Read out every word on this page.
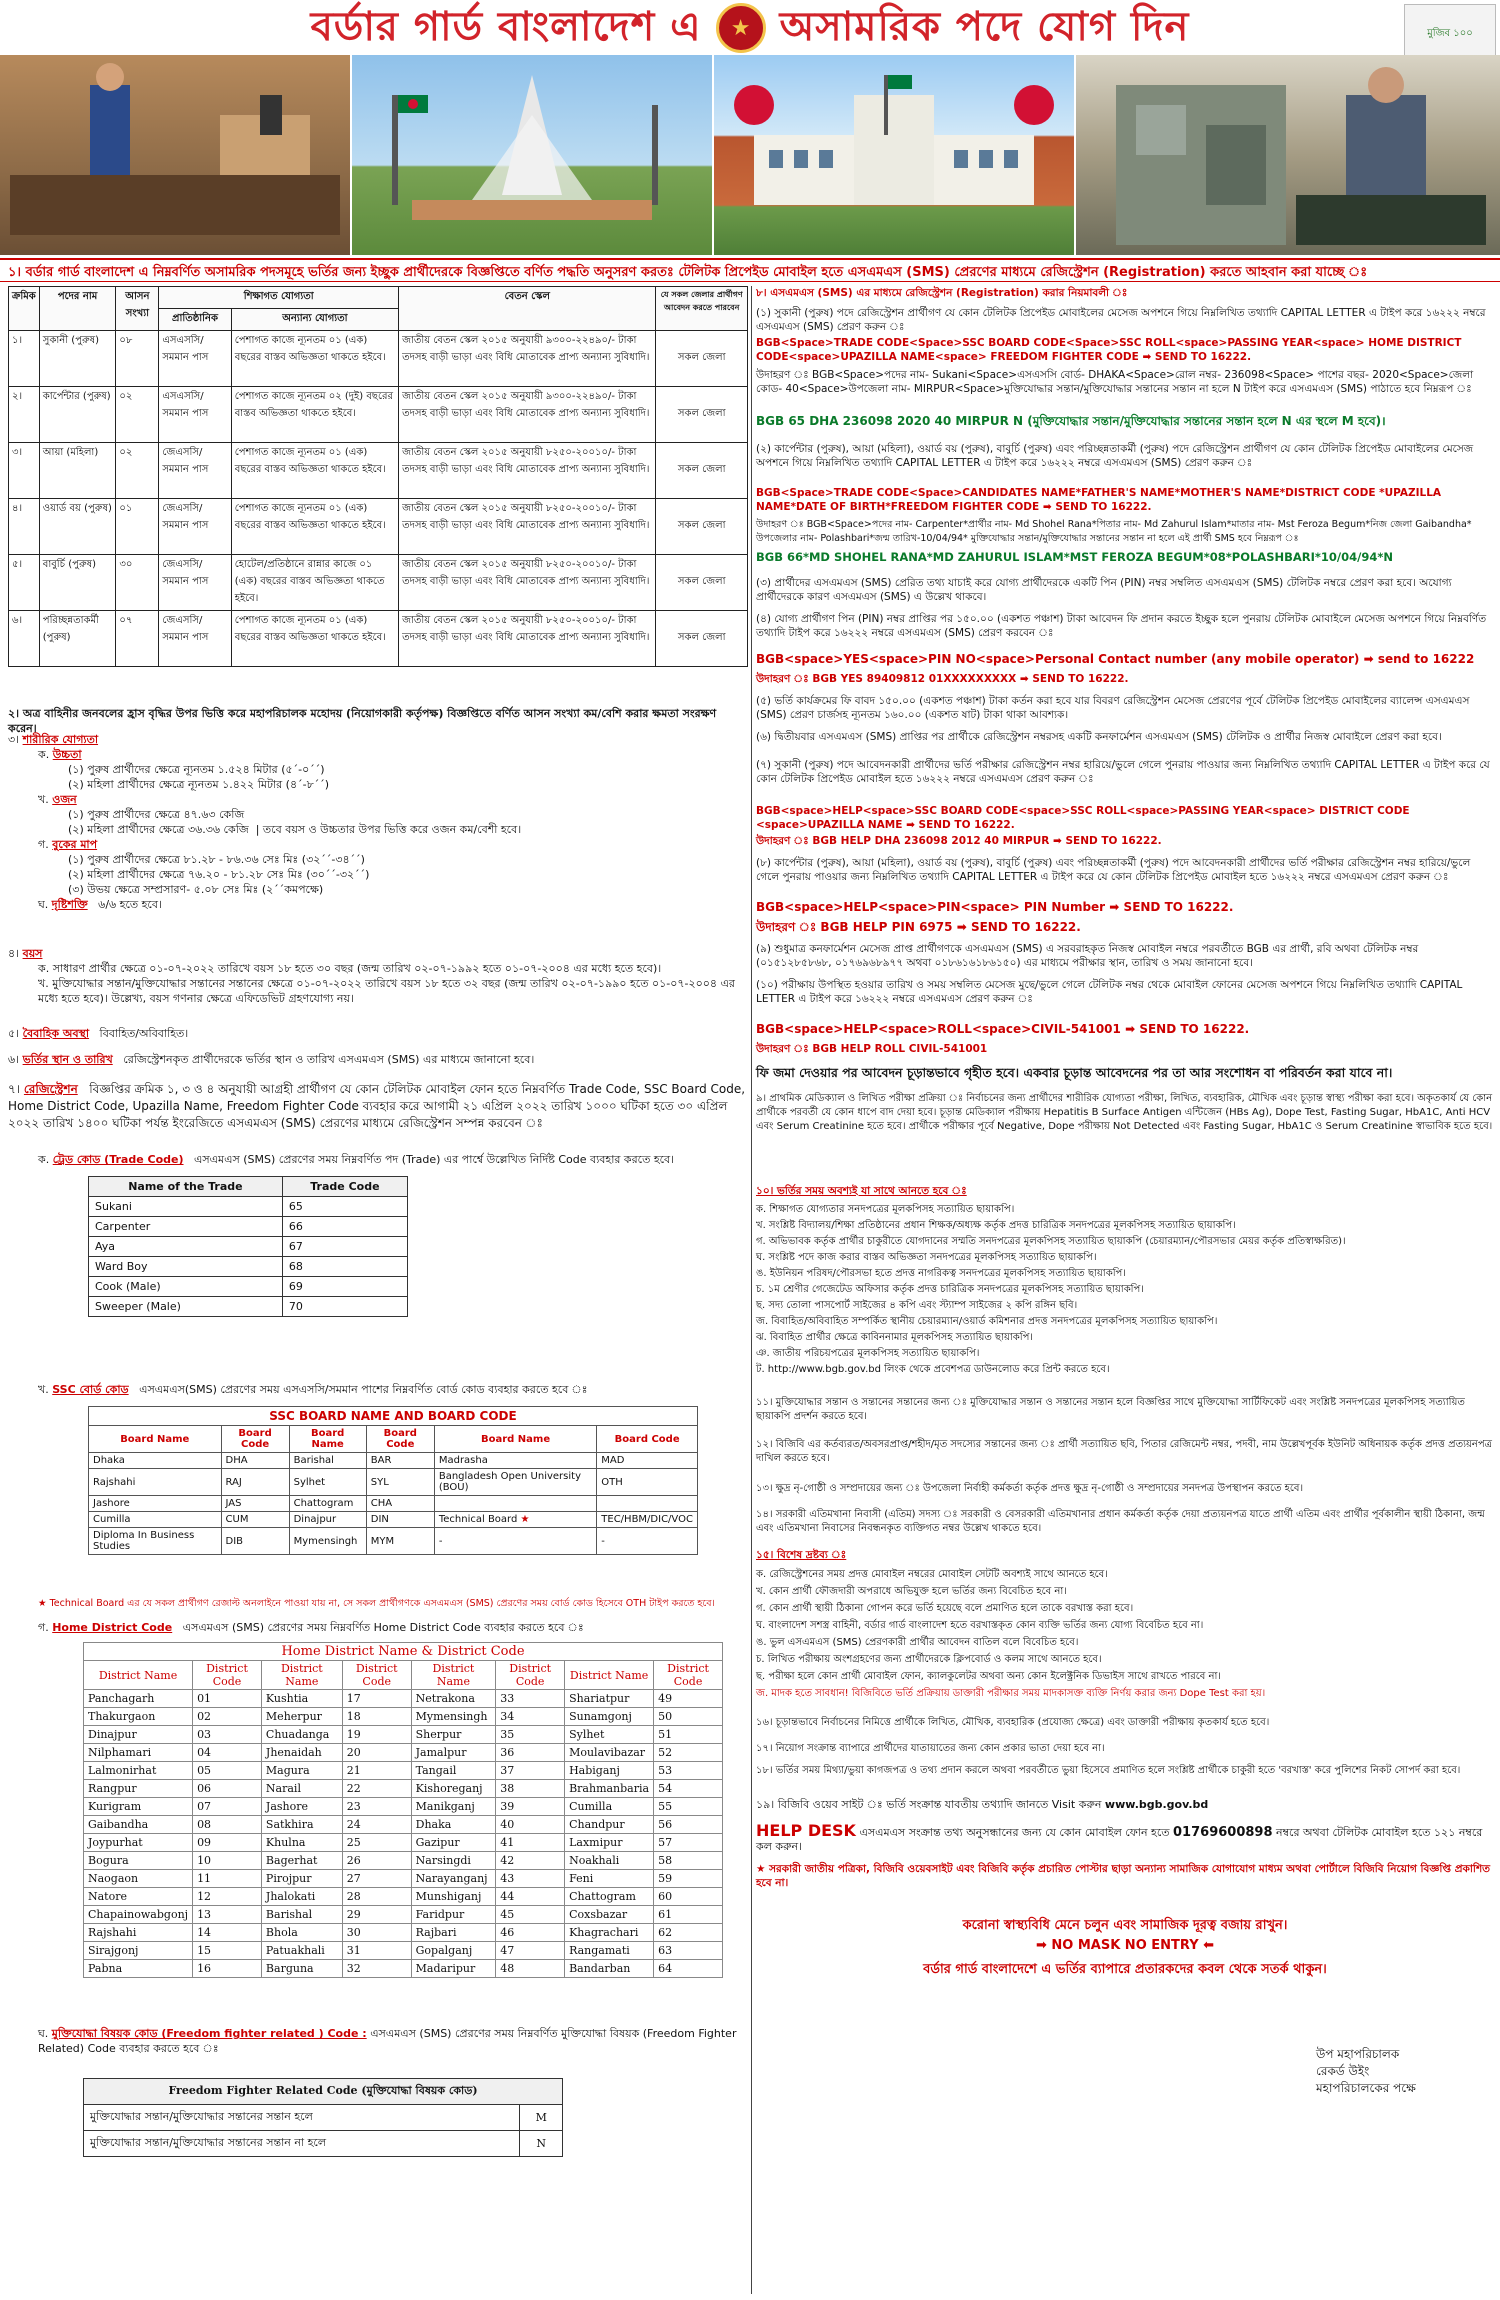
বর্ডার গার্ড বাংলাদেশ এ	★ অসামরিক পদে যোগ দিন	মুজিব ১০০
১। বর্ডার গার্ড বাংলাদেশ এ নিম্নবর্ণিত অসামরিক পদসমূহে ভর্তির জন্য ইচ্ছুক প্রার্থীদেরকে বিজ্ঞপ্তিতে বর্ণিত পদ্ধতি অনুসরণ করতঃ টেলিটক প্রিপেইড মোবাইল হতে এসএমএস (SMS) প্রেরণের মাধ্যমে রেজিস্ট্রেশন (Registration) করতে আহবান করা যাচ্ছে ঃ
ক্রমিক	পদের নাম	আসন সংখ্যা	শিক্ষাগত যোগ্যতা		বেতন স্কেল	যে সকল জেলার প্রার্থীগণ আবেদন করতে পারবেন
			প্রাতিষ্ঠানিক	অন্যান্য যোগ্যতা		
১।	সুকানী (পুরুষ)	০৮	এসএসসি/ সমমান পাস	পেশাগত কাজে ন্যূনতম ০১ (এক) বছরের বাস্তব অভিজ্ঞতা থাকতে হইবে।	জাতীয় বেতন স্কেল ২০১৫ অনুযায়ী ৯৩০০-২২৪৯০/- টাকা তদসহ বাড়ী ভাড়া এবং বিধি মোতাবেক প্রাপ্য অন্যান্য সুবিধাদি।	সকল জেলা
২।	কার্পেন্টার (পুরুষ)	০২	এসএসসি/ সমমান পাস	পেশাগত কাজে ন্যূনতম ০২ (দুই) বছরের বাস্তব অভিজ্ঞতা থাকতে হইবে।	জাতীয় বেতন স্কেল ২০১৫ অনুযায়ী ৯৩০০-২২৪৯০/- টাকা তদসহ বাড়ী ভাড়া এবং বিধি মোতাবেক প্রাপ্য অন্যান্য সুবিধাদি।	সকল জেলা
৩।	আয়া (মহিলা)	০২	জেএসসি/ সমমান পাস	পেশাগত কাজে ন্যূনতম ০১ (এক) বছরের বাস্তব অভিজ্ঞতা থাকতে হইবে।	জাতীয় বেতন স্কেল ২০১৫ অনুযায়ী ৮২৫০-২০০১০/- টাকা তদসহ বাড়ী ভাড়া এবং বিধি মোতাবেক প্রাপ্য অন্যান্য সুবিধাদি।	সকল জেলা
৪।	ওয়ার্ড বয় (পুরুষ)	০১	জেএসসি/ সমমান পাস	পেশাগত কাজে ন্যূনতম ০১ (এক) বছরের বাস্তব অভিজ্ঞতা থাকতে হইবে।	জাতীয় বেতন স্কেল ২০১৫ অনুযায়ী ৮২৫০-২০০১০/- টাকা তদসহ বাড়ী ভাড়া এবং বিধি মোতাবেক প্রাপ্য অন্যান্য সুবিধাদি।	সকল জেলা
৫।	বাবুর্চি (পুরুষ)	৩০	জেএসসি/ সমমান পাস	হোটেল/প্রতিষ্ঠানে রান্নার কাজে ০১ (এক) বছরের বাস্তব অভিজ্ঞতা থাকতে হইবে।	জাতীয় বেতন স্কেল ২০১৫ অনুযায়ী ৮২৫০-২০০১০/- টাকা তদসহ বাড়ী ভাড়া এবং বিধি মোতাবেক প্রাপ্য অন্যান্য সুবিধাদি।	সকল জেলা
৬।	পরিচ্ছন্নতাকর্মী (পুরুষ)	০৭	জেএসসি/ সমমান পাস	পেশাগত কাজে ন্যূনতম ০১ (এক) বছরের বাস্তব অভিজ্ঞতা থাকতে হইবে।	জাতীয় বেতন স্কেল ২০১৫ অনুযায়ী ৮২৫০-২০০১০/- টাকা তদসহ বাড়ী ভাড়া এবং বিধি মোতাবেক প্রাপ্য অন্যান্য সুবিধাদি।	সকল জেলা
২। অত্র বাহিনীর জনবলের হ্রাস বৃদ্ধির উপর ভিত্তি করে মহাপরিচালক মহোদয় (নিয়োগকারী কর্তৃপক্ষ) বিজ্ঞপ্তিতে বর্ণিত আসন সংখ্যা কম/বেশি করার ক্ষমতা সংরক্ষণ করেন।
৩। শারীরিক যোগ্যতা
ক. উচ্চতা
(১) পুরুষ প্রার্থীদের ক্ষেত্রে ন্যূনতম ১.৫২৪ মিটার (৫´-০´´)
(২) মহিলা প্রার্থীদের ক্ষেত্রে ন্যূনতম ১.৪২২ মিটার (৪´-৮´´)
খ. ওজন
(১) পুরুষ প্রার্থীদের ক্ষেত্রে ৪৭.৬৩ কেজি
(২) মহিলা প্রার্থীদের ক্ষেত্রে ৩৬.৩৬ কেজি  | তবে বয়স ও উচ্চতার উপর ভিত্তি করে ওজন কম/বেশী হবে।
গ. বুকের মাপ
(১) পুরুষ প্রার্থীদের ক্ষেত্রে ৮১.২৮ - ৮৬.৩৬ সেঃ মিঃ (৩২´´-৩৪´´)
(২) মহিলা প্রার্থীদের ক্ষেত্রে ৭৬.২০ - ৮১.২৮ সেঃ মিঃ (৩০´´-৩২´´)
(৩) উভয় ক্ষেত্রে সম্প্রসারণ- ৫.০৮ সেঃ মিঃ (২´´কমপক্ষে)
ঘ. দৃষ্টিশক্তি ৬/৬ হতে হবে।
৪। বয়স
ক. সাধারণ প্রার্থীর ক্ষেত্রে ০১-০৭-২০২২ তারিখে বয়স ১৮ হতে ৩০ বছর (জন্ম তারিখ ০২-০৭-১৯৯২ হতে ০১-০৭-২০০৪ এর মধ্যে হতে হবে)।
খ. মুক্তিযোদ্ধার সন্তান/মুক্তিযোদ্ধার সন্তানের সন্তানের ক্ষেত্রে ০১-০৭-২০২২ তারিখে বয়স ১৮ হতে ৩২ বছর (জন্ম তারিখ ০২-০৭-১৯৯০ হতে ০১-০৭-২০০৪ এর মধ্যে হতে হবে)। উল্লেখ্য, বয়স গণনার ক্ষেত্রে এফিডেভিট গ্রহণযোগ্য নয়।
৫। বৈবাহিক অবস্থা বিবাহিত/অবিবাহিত।
৬। ভর্তির স্থান ও তারিখ রেজিস্ট্রেশনকৃত প্রার্থীদেরকে ভর্তির স্থান ও তারিখ এসএমএস (SMS) এর মাধ্যমে জানানো হবে।
৭। রেজিস্ট্রেশন বিজ্ঞপ্তির ক্রমিক ১, ৩ ও ৪ অনুযায়ী আগ্রহী প্রার্থীগণ যে কোন টেলিটক মোবাইল ফোন হতে নিম্নবর্ণিত Trade Code, SSC Board Code, Home District Code, Upazilla Name, Freedom Fighter Code ব্যবহার করে আগামী ২১ এপ্রিল ২০২২ তারিখ ১০০০ ঘটিকা হতে ৩০ এপ্রিল ২০২২ তারিখ ১৪০০ ঘটিকা পর্যন্ত ইংরেজিতে এসএমএস (SMS) প্রেরণের মাধ্যমে রেজিস্ট্রেশন সম্পন্ন করবেন ঃ
ক. ট্রেড কোড (Trade Code) এসএমএস (SMS) প্রেরণের সময় নিম্নবর্ণিত পদ (Trade) এর পার্শ্বে উল্লেখিত নির্দিষ্ট Code ব্যবহার করতে হবে।
Name of the Trade	Trade Code
Sukani	65
Carpenter	66
Aya	67
Ward Boy	68
Cook (Male)	69
Sweeper (Male)	70
খ. SSC বোর্ড কোড এসএমএস(SMS) প্রেরণের সময় এসএসসি/সমমান পাশের নিম্নবর্ণিত বোর্ড কোড ব্যবহার করতে হবে ঃ
SSC BOARD NAME AND BOARD CODE					
Board Name	Board Code	Board Name	Board Code	Board Name	Board Code
Dhaka	DHA	Barishal	BAR	Madrasha	MAD
Rajshahi	RAJ	Sylhet	SYL	Bangladesh Open University (BOU)	OTH
Jashore	JAS	Chattogram	CHA		
Cumilla	CUM	Dinajpur	DIN	Technical Board ★	TEC/HBM/DIC/VOC
Diploma In Business Studies	DIB	Mymensingh	MYM	-	-
★ Technical Board এর যে সকল প্রার্থীগণ রেজাল্ট অনলাইনে পাওয়া যায় না, সে সকল প্রার্থীগণকে এসএমএস (SMS) প্রেরণের সময় বোর্ড কোড হিসেবে OTH টাইপ করতে হবে।
গ. Home District Code এসএমএস (SMS) প্রেরণের সময় নিম্নবর্ণিত Home District Code ব্যবহার করতে হবে ঃ
Home District Name & District Code							
District Name	District Code	District Name	District Code	District Name	District Code	District Name	District Code
Panchagarh	01	Kushtia	17	Netrakona	33	Shariatpur	49
Thakurgaon	02	Meherpur	18	Mymensingh	34	Sunamgonj	50
Dinajpur	03	Chuadanga	19	Sherpur	35	Sylhet	51
Nilphamari	04	Jhenaidah	20	Jamalpur	36	Moulavibazar	52
Lalmonirhat	05	Magura	21	Tangail	37	Habiganj	53
Rangpur	06	Narail	22	Kishoreganj	38	Brahmanbaria	54
Kurigram	07	Jashore	23	Manikganj	39	Cumilla	55
Gaibandha	08	Satkhira	24	Dhaka	40	Chandpur	56
Joypurhat	09	Khulna	25	Gazipur	41	Laxmipur	57
Bogura	10	Bagerhat	26	Narsingdi	42	Noakhali	58
Naogaon	11	Pirojpur	27	Narayanganj	43	Feni	59
Natore	12	Jhalokati	28	Munshiganj	44	Chattogram	60
Chapainowabgonj	13	Barishal	29	Faridpur	45	Coxsbazar	61
Rajshahi	14	Bhola	30	Rajbari	46	Khagrachari	62
Sirajgonj	15	Patuakhali	31	Gopalganj	47	Rangamati	63
Pabna	16	Barguna	32	Madaripur	48	Bandarban	64
ঘ. মুক্তিযোদ্ধা বিষয়ক কোড (Freedom fighter related ) Code : এসএমএস (SMS) প্রেরণের সময় নিম্নবর্ণিত মুক্তিযোদ্ধা বিষয়ক (Freedom Fighter Related) Code ব্যবহার করতে হবে ঃ
Freedom Fighter Related Code (মুক্তিযোদ্ধা বিষয়ক কোড)	
মুক্তিযোদ্ধার সন্তান/মুক্তিযোদ্ধার সন্তানের সন্তান হলে	M
মুক্তিযোদ্ধার সন্তান/মুক্তিযোদ্ধার সন্তানের সন্তান না হলে	N
৮। এসএমএস (SMS) এর মাধ্যমে রেজিস্ট্রেশন (Registration) করার নিয়মাবলী ঃ
(১) সুকানী (পুরুষ) পদে রেজিস্ট্রেশন প্রার্থীগণ যে কোন টেলিটক প্রিপেইড মোবাইলের মেসেজ অপশনে গিয়ে নিম্নলিখিত তথ্যাদি CAPITAL LETTER এ টাইপ করে ১৬২২২ নম্বরে এসএমএস (SMS) প্রেরণ করুন ঃ
BGB<Space>TRADE CODE<Space>SSC BOARD CODE<Space>SSC ROLL<space>PASSING YEAR<space> HOME DISTRICT CODE<space>UPAZILLA NAME<space> FREEDOM FIGHTER CODE ➡ SEND TO 16222.
উদাহরণ ঃ BGB<Space>পদের নাম- Sukani<Space>এসএসসি বোর্ড- DHAKA<Space>রোল নম্বর- 236098<Space> পাশের বছর- 2020<Space>জেলা কোড- 40<Space>উপজেলা নাম- MIRPUR<Space>মুক্তিযোদ্ধার সন্তান/মুক্তিযোদ্ধার সন্তানের সন্তান না হলে N টাইপ করে এসএমএস (SMS) পাঠাতে হবে নিম্নরূপ ঃ
BGB 65 DHA 236098 2020 40 MIRPUR N (মুক্তিযোদ্ধার সন্তান/মুক্তিযোদ্ধার সন্তানের সন্তান হলে N এর স্থলে M হবে)।
(২) কার্পেন্টার (পুরুষ), আয়া (মহিলা), ওয়ার্ড বয় (পুরুষ), বাবুর্চি (পুরুষ) এবং পরিচ্ছন্নতাকর্মী (পুরুষ) পদে রেজিস্ট্রেশন প্রার্থীগণ যে কোন টেলিটক প্রিপেইড মোবাইলের মেসেজ অপশনে গিয়ে নিম্নলিখিত তথ্যাদি CAPITAL LETTER এ টাইপ করে ১৬২২২ নম্বরে এসএমএস (SMS) প্রেরণ করুন ঃ
BGB<Space>TRADE CODE<Space>CANDIDATES NAME*FATHER'S NAME*MOTHER'S NAME*DISTRICT CODE *UPAZILLA NAME*DATE OF BIRTH*FREEDOM FIGHTER CODE ➡ SEND TO 16222.
উদাহরণ ঃ BGB<Space>পদের নাম- Carpenter*প্রার্থীর নাম- Md Shohel Rana*পিতার নাম- Md Zahurul Islam*মাতার নাম- Mst Feroza Begum*নিজ জেলা Gaibandha* উপজেলার নাম- Polashbari*জন্ম তারিখ-10/04/94* মুক্তিযোদ্ধার সন্তান/মুক্তিযোদ্ধার সন্তানের সন্তান না হলে এই প্রার্থী SMS হবে নিম্নরূপ ঃ
BGB 66*MD SHOHEL RANA*MD ZAHURUL ISLAM*MST FEROZA BEGUM*08*POLASHBARI*10/04/94*N
(৩) প্রার্থীদের এসএমএস (SMS) প্রেরিত তথ্য যাচাই করে যোগ্য প্রার্থীদেরকে একটি পিন (PIN) নম্বর সম্বলিত এসএমএস (SMS) টেলিটক নম্বরে প্রেরণ করা হবে। অযোগ্য প্রার্থীদেরকে কারণ এসএমএস (SMS) এ উল্লেখ থাকবে।
(৪) যোগ্য প্রার্থীগণ পিন (PIN) নম্বর প্রাপ্তির পর ১৫০.০০ (একশত পঞ্চাশ) টাকা আবেদন ফি প্রদান করতে ইচ্ছুক হলে পুনরায় টেলিটক মোবাইলে মেসেজ অপশনে গিয়ে নিম্নবর্ণিত তথ্যাদি টাইপ করে ১৬২২২ নম্বরে এসএমএস (SMS) প্রেরণ করবেন ঃ
BGB<space>YES<space>PIN NO<space>Personal Contact number (any mobile operator) ➡ send to 16222
উদাহরণ ঃ BGB YES 89409812 01XXXXXXXXX ➡ SEND TO 16222.
(৫) ভর্তি কার্যক্রমের ফি বাবদ ১৫০.০০ (একশত পঞ্চাশ) টাকা কর্তন করা হবে যার বিবরণ রেজিস্ট্রেশন মেসেজ প্রেরণের পূর্বে টেলিটক প্রিপেইড মোবাইলের ব্যালেন্স এসএমএস (SMS) প্রেরণ চার্জসহ ন্যূনতম ১৬০.০০ (একশত ষাট) টাকা থাকা আবশ্যক।
(৬) দ্বিতীয়বার এসএমএস (SMS) প্রাপ্তির পর প্রার্থীকে রেজিস্ট্রেশন নম্বরসহ একটি কনফার্মেশন এসএমএস (SMS) টেলিটক ও প্রার্থীর নিজস্ব মোবাইলে প্রেরণ করা হবে।
(৭) সুকানী (পুরুষ) পদে আবেদনকারী প্রার্থীদের ভর্তি পরীক্ষার রেজিস্ট্রেশন নম্বর হারিয়ে/ভুলে গেলে পুনরায় পাওয়ার জন্য নিম্নলিখিত তথ্যাদি CAPITAL LETTER এ টাইপ করে যে কোন টেলিটক প্রিপেইড মোবাইল হতে ১৬২২২ নম্বরে এসএমএস প্রেরণ করুন ঃ
BGB<space>HELP<space>SSC BOARD CODE<space>SSC ROLL<space>PASSING YEAR<space> DISTRICT CODE <space>UPAZILLA NAME ➡ SEND TO 16222.
উদাহরণ ঃ BGB HELP DHA 236098 2012 40 MIRPUR ➡ SEND TO 16222.
(৮) কার্পেন্টার (পুরুষ), আয়া (মহিলা), ওয়ার্ড বয় (পুরুষ), বাবুর্চি (পুরুষ) এবং পরিচ্ছন্নতাকর্মী (পুরুষ) পদে আবেদনকারী প্রার্থীদের ভর্তি পরীক্ষার রেজিস্ট্রেশন নম্বর হারিয়ে/ভুলে গেলে পুনরায় পাওয়ার জন্য নিম্নলিখিত তথ্যাদি CAPITAL LETTER এ টাইপ করে যে কোন টেলিটক প্রিপেইড মোবাইল হতে ১৬২২২ নম্বরে এসএমএস প্রেরণ করুন ঃ
BGB<space>HELP<space>PIN<space> PIN Number ➡ SEND TO 16222.
উদাহরণ ঃ BGB HELP PIN 6975 ➡ SEND TO 16222.
(৯) শুধুমাত্র কনফার্মেশন মেসেজ প্রাপ্ত প্রার্থীগণকে এসএমএস (SMS) এ সরবরাহকৃত নিজস্ব মোবাইল নম্বরে পরবর্তীতে BGB এর প্রার্থী, রবি অথবা টেলিটক নম্বর (০১৫১২৮৫৮৬৮, ০১৭৬৯৬৮৯৭৭ অথবা ০১৮৬১৬১৮৬১৫০) এর মাধ্যমে পরীক্ষার স্থান, তারিখ ও সময় জানানো হবে।
(১০) পরীক্ষায় উপস্থিত হওয়ার তারিখ ও সময় সম্বলিত মেসেজ মুছে/ভুলে গেলে টেলিটক নম্বর থেকে মোবাইল ফোনের মেসেজ অপশনে গিয়ে নিম্নলিখিত তথ্যাদি CAPITAL LETTER এ টাইপ করে ১৬২২২ নম্বরে এসএমএস প্রেরণ করুন ঃ
BGB<space>HELP<space>ROLL<space>CIVIL-541001 ➡ SEND TO 16222.
উদাহরণ ঃ BGB HELP ROLL CIVIL-541001
ফি জমা দেওয়ার পর আবেদন চূড়ান্তভাবে গৃহীত হবে। একবার চূড়ান্ত আবেদনের পর তা আর সংশোধন বা পরিবর্তন করা যাবে না।
৯। প্রাথমিক মেডিক্যাল ও লিখিত পরীক্ষা প্রক্রিয়া ঃ নির্বাচনের জন্য প্রার্থীদের শারীরিক যোগ্যতা পরীক্ষা, লিখিত, ব্যবহারিক, মৌখিক এবং চূড়ান্ত স্বাস্থ্য পরীক্ষা করা হবে। অকৃতকার্য যে কোন প্রার্থীকে পরবর্তী যে কোন ধাপে বাদ দেয়া হবে। চূড়ান্ত মেডিক্যাল পরীক্ষায় Hepatitis B Surface Antigen এন্টিজেন (HBs Ag), Dope Test, Fasting Sugar, HbA1C, Anti HCV এবং Serum Creatinine হতে হবে। প্রার্থীকে পরীক্ষার পূর্বে Negative, Dope পরীক্ষায় Not Detected এবং Fasting Sugar, HbA1C ও Serum Creatinine স্বাভাবিক হতে হবে।
১০। ভর্তির সময় অবশ্যই যা সাথে আনতে হবে ঃ
ক. শিক্ষাগত যোগ্যতার সনদপত্রের মূলকপিসহ সত্যায়িত ছায়াকপি।
খ. সংশ্লিষ্ট বিদ্যালয়/শিক্ষা প্রতিষ্ঠানের প্রধান শিক্ষক/অধ্যক্ষ কর্তৃক প্রদত্ত চারিত্রিক সনদপত্রের মূলকপিসহ সত্যায়িত ছায়াকপি।
গ. অভিভাবক কর্তৃক প্রার্থীর চাকুরীতে যোগদানের সম্মতি সনদপত্রের মূলকপিসহ সত্যায়িত ছায়াকপি (চেয়ারম্যান/পৌরসভার মেয়র কর্তৃক প্রতিস্বাক্ষরিত)।
ঘ. সংশ্লিষ্ট পদে কাজ করার বাস্তব অভিজ্ঞতা সনদপত্রের মূলকপিসহ সত্যায়িত ছায়াকপি।
ঙ. ইউনিয়ন পরিষদ/পৌরসভা হতে প্রদত্ত নাগরিকত্ব সনদপত্রের মূলকপিসহ সত্যায়িত ছায়াকপি।
চ. ১ম শ্রেণীর গেজেটেড অফিসার কর্তৃক প্রদত্ত চারিত্রিক সনদপত্রের মূলকপিসহ সত্যায়িত ছায়াকপি।
ছ. সদ্য তোলা পাসপোর্ট সাইজের ৪ কপি এবং স্ট্যাম্প সাইজের ২ কপি রঙ্গিন ছবি।
জ. বিবাহিত/অবিবাহিত সম্পর্কিত স্থানীয় চেয়ারম্যান/ওয়ার্ড কমিশনার প্রদত্ত সনদপত্রের মূলকপিসহ সত্যায়িত ছায়াকপি।
ঝ. বিবাহিত প্রার্থীর ক্ষেত্রে কাবিননামার মূলকপিসহ সত্যায়িত ছায়াকপি।
ঞ. জাতীয় পরিচয়পত্রের মূলকপিসহ সত্যায়িত ছায়াকপি।
ট. http://www.bgb.gov.bd লিংক থেকে প্রবেশপত্র ডাউনলোড করে প্রিন্ট করতে হবে।
১১। মুক্তিযোদ্ধার সন্তান ও সন্তানের সন্তানের জন্য ঃ মুক্তিযোদ্ধার সন্তান ও সন্তানের সন্তান হলে বিজ্ঞপ্তির সাথে মুক্তিযোদ্ধা সার্টিফিকেট এবং সংশ্লিষ্ট সনদপত্রের মূলকপিসহ সত্যায়িত ছায়াকপি প্রদর্শন করতে হবে।
১২। বিজিবি এর কর্তব্যরত/অবসরপ্রাপ্ত/শহীদ/মৃত সদস্যের সন্তানের জন্য ঃ প্রার্থী সত্যায়িত ছবি, পিতার রেজিমেন্ট নম্বর, পদবী, নাম উল্লেখপূর্বক ইউনিট অধিনায়ক কর্তৃক প্রদত্ত প্রত্যয়নপত্র দাখিল করতে হবে।
১৩। ক্ষুদ্র নৃ-গোষ্ঠী ও সম্প্রদায়ের জন্য ঃ উপজেলা নির্বাহী কর্মকর্তা কর্তৃক প্রদত্ত ক্ষুদ্র নৃ-গোষ্ঠী ও সম্প্রদায়ের সনদপত্র উপস্থাপন করতে হবে।
১৪। সরকারী এতিমখানা নিবাসী (এতিম) সদস্য ঃ সরকারী ও বেসরকারী এতিমখানার প্রধান কর্মকর্তা কর্তৃক দেয়া প্রত্যয়নপত্র যাতে প্রার্থী এতিম এবং প্রার্থীর পূর্বকালীন স্থায়ী ঠিকানা, জন্ম এবং এতিমখানা নিবাসের নিবন্ধনকৃত ব্যক্তিগত নম্বর উল্লেখ থাকতে হবে।
১৫। বিশেষ দ্রষ্টব্য ঃ
ক. রেজিস্ট্রেশনের সময় প্রদত্ত মোবাইল নম্বরের মোবাইল সেটটি অবশ্যই সাথে আনতে হবে।
খ. কোন প্রার্থী ফৌজদারী অপরাধে অভিযুক্ত হলে ভর্তির জন্য বিবেচিত হবে না।
গ. কোন প্রার্থী স্থায়ী ঠিকানা গোপন করে ভর্তি হয়েছে বলে প্রমাণিত হলে তাকে বরখাস্ত করা হবে।
ঘ. বাংলাদেশ সশস্ত্র বাহিনী, বর্ডার গার্ড বাংলাদেশ হতে বরখাস্তকৃত কোন ব্যক্তি ভর্তির জন্য যোগ্য বিবেচিত হবে না।
ঙ. ভুল এসএমএস (SMS) প্রেরণকারী প্রার্থীর আবেদন বাতিল বলে বিবেচিত হবে।
চ. লিখিত পরীক্ষায় অংশগ্রহণের জন্য প্রার্থীদেরকে ক্লিপবোর্ড ও কলম সাথে আনতে হবে।
ছ. পরীক্ষা হলে কোন প্রার্থী মোবাইল ফোন, ক্যালকুলেটর অথবা অন্য কোন ইলেক্ট্রনিক ডিভাইস সাথে রাখতে পারবে না।
জ. মাদক হতে সাবধান! বিজিবিতে ভর্তি প্রক্রিয়ায় ডাক্তারী পরীক্ষার সময় মাদকাসক্ত ব্যক্তি নির্ণয় করার জন্য Dope Test করা হয়।
১৬। চূড়ান্তভাবে নির্বাচনের নিমিত্তে প্রার্থীকে লিখিত, মৌখিক, ব্যবহারিক (প্রযোজ্য ক্ষেত্রে) এবং ডাক্তারী পরীক্ষায় কৃতকার্য হতে হবে।
১৭। নিয়োগ সংক্রান্ত ব্যাপারে প্রার্থীদের যাতায়াতের জন্য কোন প্রকার ভাতা দেয়া হবে না।
১৮। ভর্তির সময় মিথ্যা/ভুয়া কাগজপত্র ও তথ্য প্রদান করলে অথবা পরবর্তীতে ভুয়া হিসেবে প্রমাণিত হলে সংশ্লিষ্ট প্রার্থীকে চাকুরী হতে 'বরখাস্ত' করে পুলিশের নিকট সোপর্দ করা হবে।
১৯। বিজিবি ওয়েব সাইট ঃ ভর্তি সংক্রান্ত যাবতীয় তথ্যাদি জানতে Visit করুন www.bgb.gov.bd
HELP DESK এসএমএস সংক্রান্ত তথ্য অনুসন্ধানের জন্য যে কোন মোবাইল ফোন হতে 01769600898 নম্বরে অথবা টেলিটক মোবাইল হতে ১২১ নম্বরে কল করুন।
★ সরকারী জাতীয় পত্রিকা, বিজিবি ওয়েবসাইট এবং বিজিবি কর্তৃক প্রচারিত পোস্টার ছাড়া অন্যান্য সামাজিক যোগাযোগ মাধ্যম অথবা পোর্টালে বিজিবি নিয়োগ বিজ্ঞপ্তি প্রকাশিত হবে না।
করোনা স্বাস্থ্যবিধি মেনে চলুন এবং সামাজিক দূরত্ব বজায় রাখুন।
➡ NO MASK NO ENTRY ⬅
বর্ডার গার্ড বাংলাদেশে এ ভর্তির ব্যাপারে প্রতারকদের কবল থেকে সতর্ক থাকুন।
উপ মহাপরিচালক
রেকর্ড উইং
মহাপরিচালকের পক্ষে
